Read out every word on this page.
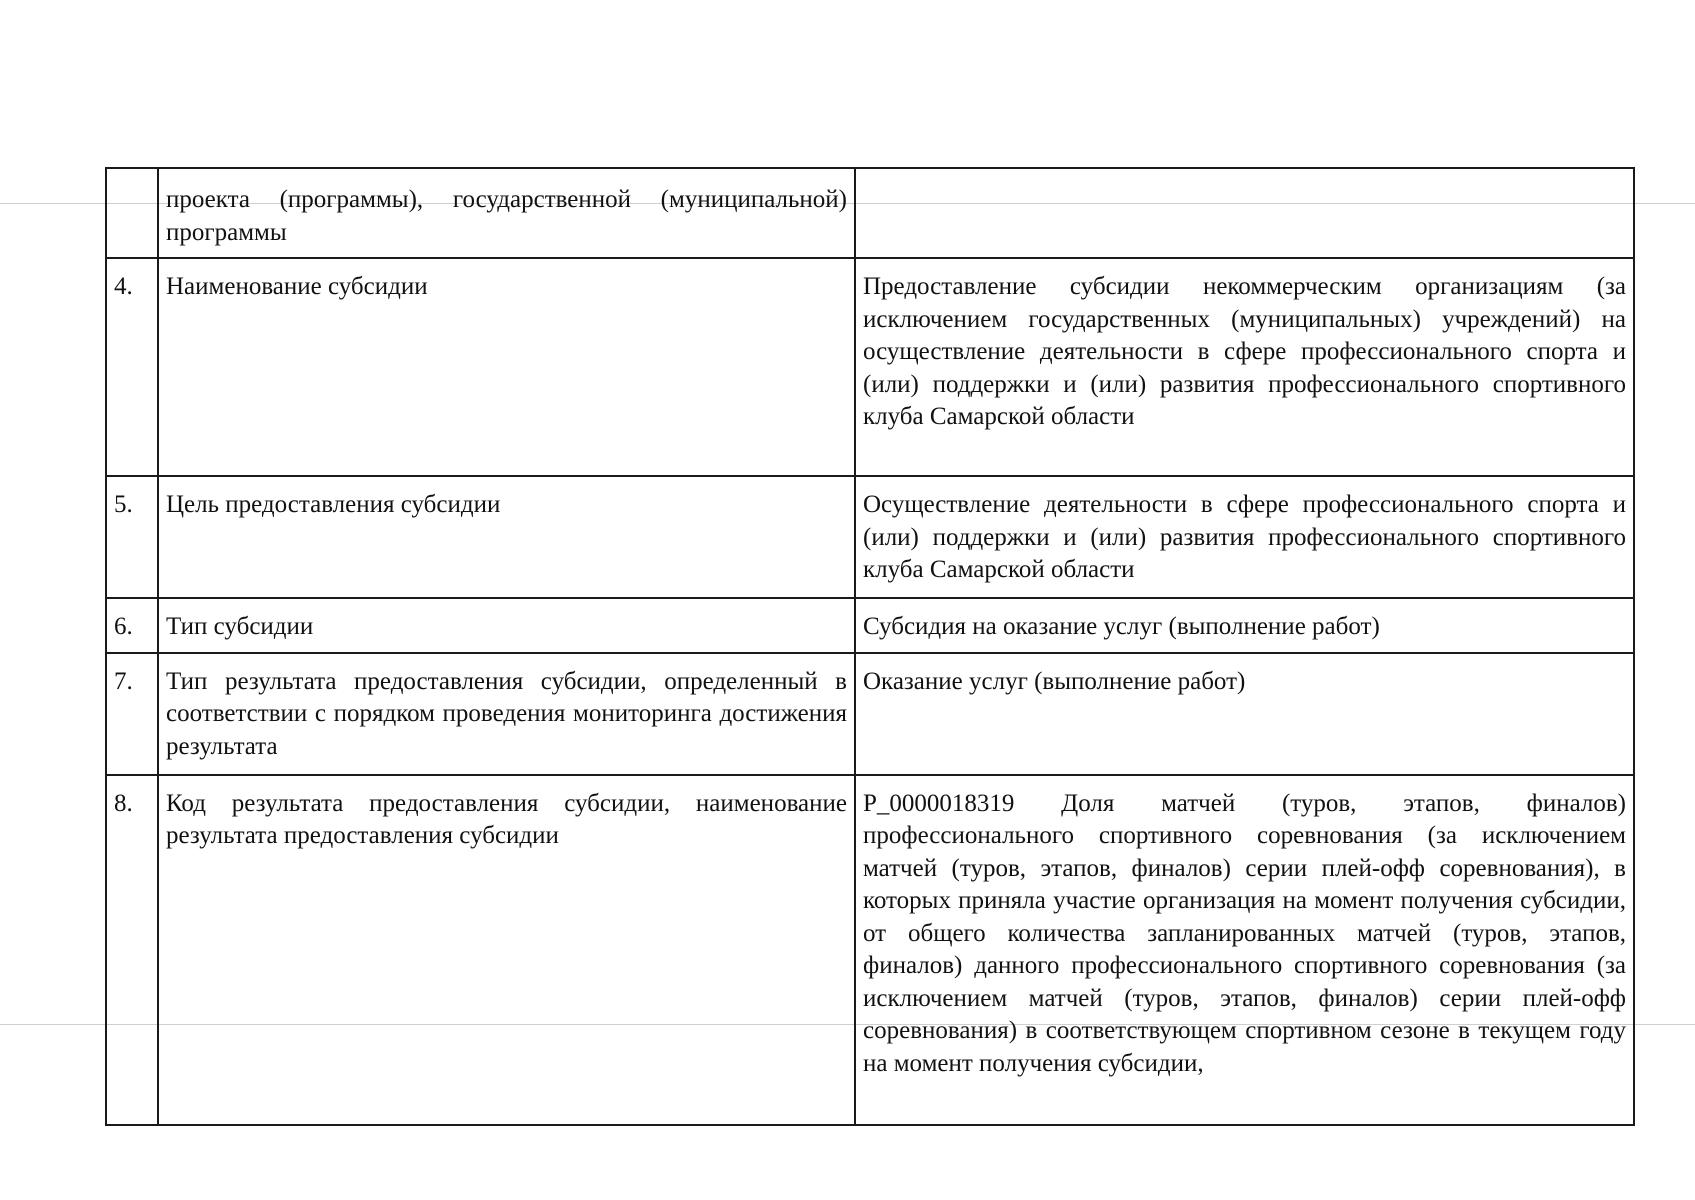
	проекта (программы), государственной (муниципальной) программы	
4.	Наименование субсидии	Предоставление субсидии некоммерческим организациям (за исключением государственных (муниципальных) учреждений) на осуществление деятельности в сфере профессионального спорта и (или) поддержки и (или) развития профессионального спортивного клуба Самарской области
5.	Цель предоставления субсидии	Осуществление деятельности в сфере профессионального спорта и (или) поддержки и (или) развития профессионального спортивного клуба Самарской области
6.	Тип субсидии	Субсидия на оказание услуг (выполнение работ)
7.	Тип результата предоставления субсидии, определенный в соответствии с порядком проведения мониторинга достижения результата	Оказание услуг (выполнение работ)
8.	Код результата предоставления субсидии, наименование результата предоставления субсидии	P_0000018319 Доля матчей (туров, этапов, финалов) профессионального спортивного соревнования (за исключением матчей (туров, этапов, финалов) серии плей-офф соревнования), в которых приняла участие организация на момент получения субсидии, от общего количества запланированных матчей (туров, этапов, финалов) данного профессионального спортивного соревнования (за исключением матчей (туров, этапов, финалов) серии плей-офф соревнования) в соответствующем спортивном сезоне в текущем году на момент получения субсидии,
